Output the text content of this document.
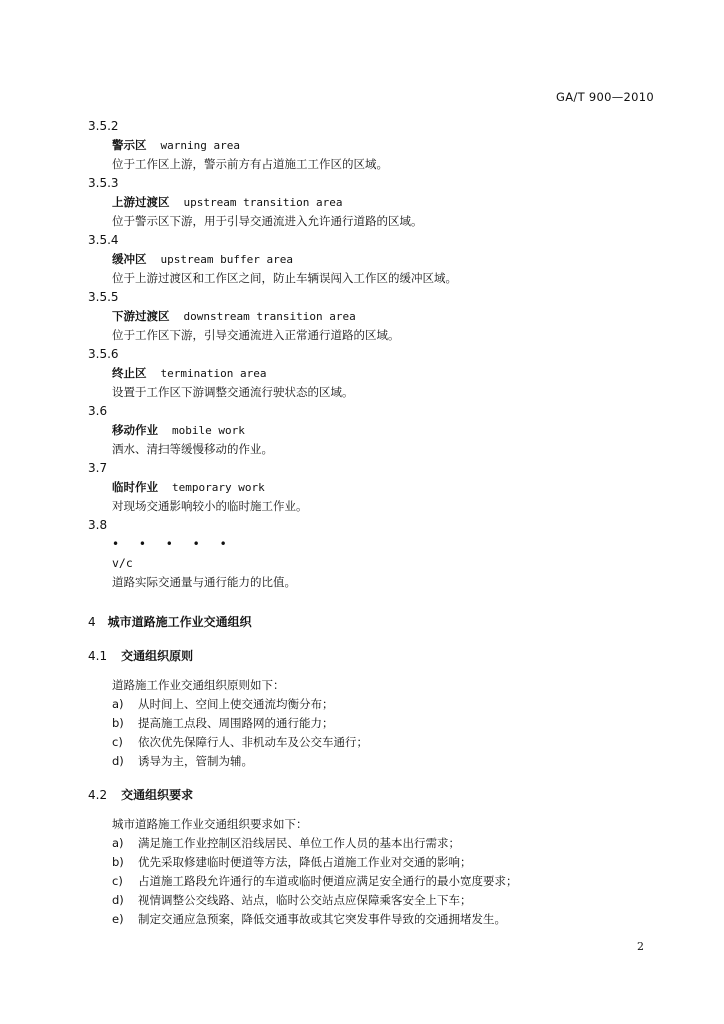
GA/T 900—2010
3.5.2
警示区 warning area
位于工作区上游，警示前方有占道施工工作区的区域。
3.5.3
上游过渡区 upstream transition area
位于警示区下游，用于引导交通流进入允许通行道路的区域。
3.5.4
缓冲区 upstream buffer area
位于上游过渡区和工作区之间，防止车辆误闯入工作区的缓冲区域。
3.5.5
下游过渡区 downstream transition area
位于工作区下游，引导交通流进入正常通行道路的区域。
3.5.6
终止区 termination area
设置于工作区下游调整交通流行驶状态的区域。
3.6
移动作业 mobile work
洒水、清扫等缓慢移动的作业。
3.7
临时作业 temporary work
对现场交通影响较小的临时施工作业。
3.8
• • • • •
v/c
道路实际交通量与通行能力的比值。
4 城市道路施工作业交通组织
4.1 交通组织原则
道路施工作业交通组织原则如下：
a) 从时间上、空间上使交通流均衡分布；
b) 提高施工点段、周围路网的通行能力；
c) 依次优先保障行人、非机动车及公交车通行；
d) 诱导为主，管制为辅。
4.2 交通组织要求
城市道路施工作业交通组织要求如下：
a) 满足施工作业控制区沿线居民、单位工作人员的基本出行需求；
b) 优先采取修建临时便道等方法，降低占道施工作业对交通的影响；
c) 占道施工路段允许通行的车道或临时便道应满足安全通行的最小宽度要求；
d) 视情调整公交线路、站点，临时公交站点应保障乘客安全上下车；
e) 制定交通应急预案，降低交通事故或其它突发事件导致的交通拥堵发生。
2
